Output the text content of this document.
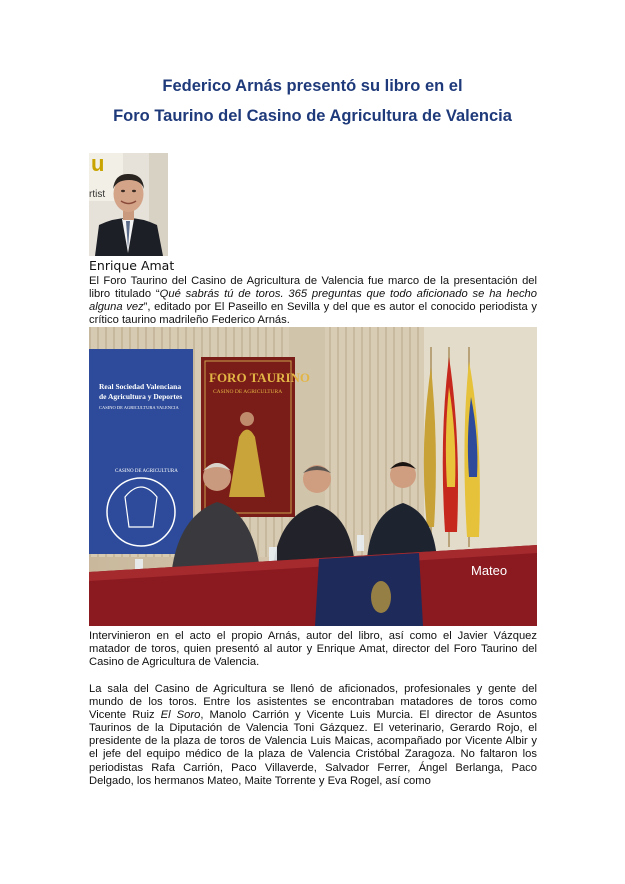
Federico Arnás presentó su libro en el
Foro Taurino del Casino de Agricultura de Valencia
u
rtist
Enrique Amat
El Foro Taurino del Casino de Agricultura de Valencia fue marco de la presentación del libro titulado “Qué sabrás tú de toros. 365 preguntas que todo aficionado se ha hecho alguna vez”, editado por El Paseillo en Sevilla y del que es autor el conocido periodista y crítico taurino madrileño Federico Arnás.
Real Sociedad Valenciana
de Agricultura y Deportes
CASINO DE AGRICULTURA VALENCIA
CASINO DE AGRICULTURA
FORO TAURINO
CASINO DE AGRICULTURA
Mateo
Intervinieron en el acto el propio Arnás, autor del libro, así como el Javier Vázquez matador de toros, quien presentó al autor y Enrique Amat, director del Foro Taurino del Casino de Agricultura de Valencia.
La sala del Casino de Agricultura se llenó de aficionados, profesionales y gente del mundo de los toros. Entre los asistentes se encontraban matadores de toros como Vicente Ruiz El Soro, Manolo Carrión y Vicente Luis Murcia. El director de Asuntos Taurinos de la Diputación de Valencia Toni Gázquez. El veterinario, Gerardo Rojo, el presidente de la plaza de toros de Valencia Luis Maicas, acompañado por Vicente Albir y el jefe del equipo médico de la plaza de Valencia Cristóbal Zaragoza. No faltaron los periodistas Rafa Carrión, Paco Villaverde, Salvador Ferrer, Ángel Berlanga, Paco Delgado, los hermanos Mateo, Maite Torrente y Eva Rogel, así como
